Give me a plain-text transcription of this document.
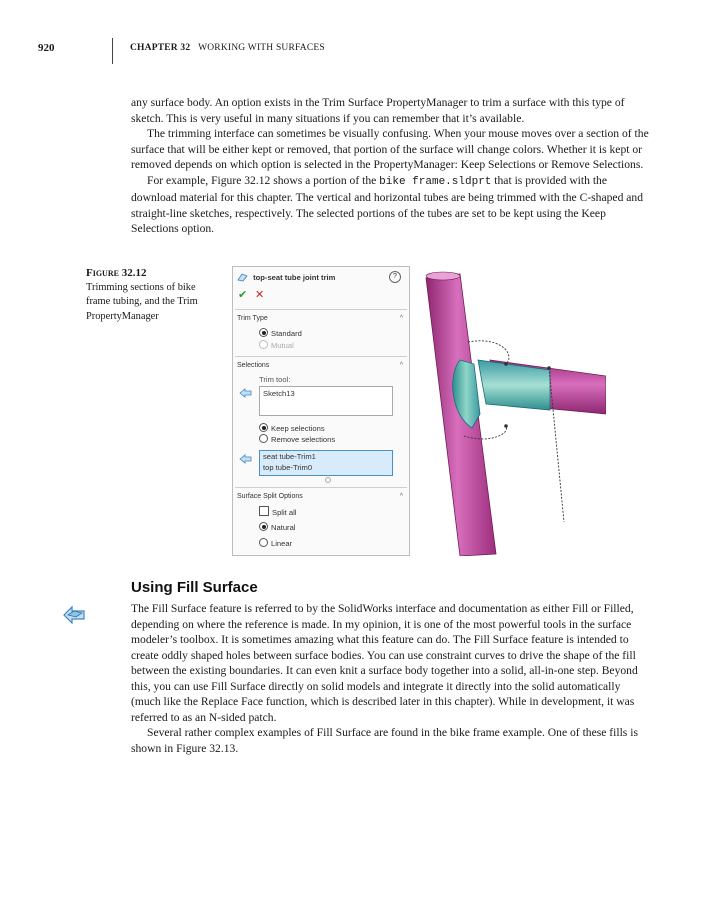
920	CHAPTER 32 WORKING WITH SURFACES

any surface body. An option exists in the Trim Surface PropertyManager to trim a surface with this type of sketch. This is very useful in many situations if you can remember that it’s available.

The trimming interface can sometimes be visually confusing. When your mouse moves over a section of the surface that will be either kept or removed, that portion of the surface will change colors. Whether it is kept or removed depends on which option is selected in the PropertyManager: Keep Selections or Remove Selections.

For example, Figure 32.12 shows a portion of the bike frame.sldprt that is provided with the download material for this chapter. The vertical and horizontal tubes are being trimmed with the C-shaped and straight-line sketches, respectively. The selected portions of the tubes are set to be kept using the Keep Selections option.

Figure 32.12
Trimming sections of bike frame tubing, and the Trim PropertyManager
top-seat tube joint trim	?
✔ ✕
Trim Type	^
Standard
Mutual
Selections	^
Trim tool:
Sketch13
Keep selections
Remove selections
seat tube-Trim1
top tube-Trim0
Surface Split Options	^
Split all
Natural
Linear
Using Fill Surface

The Fill Surface feature is referred to by the SolidWorks interface and documentation as either Fill or Filled, depending on where the reference is made. In my opinion, it is one of the most powerful tools in the surface modeler’s toolbox. It is sometimes amazing what this feature can do. The Fill Surface feature is intended to create oddly shaped holes between surface bodies. You can use constraint curves to drive the shape of the fill between the existing boundaries. It can even knit a surface body together into a solid, all-in-one step. Beyond this, you can use Fill Surface directly on solid models and integrate it directly into the solid automatically (much like the Replace Face function, which is described later in this chapter). While in development, it was referred to as an N-sided patch.

Several rather complex examples of Fill Surface are found in the bike frame example. One of these fills is shown in Figure 32.13.
